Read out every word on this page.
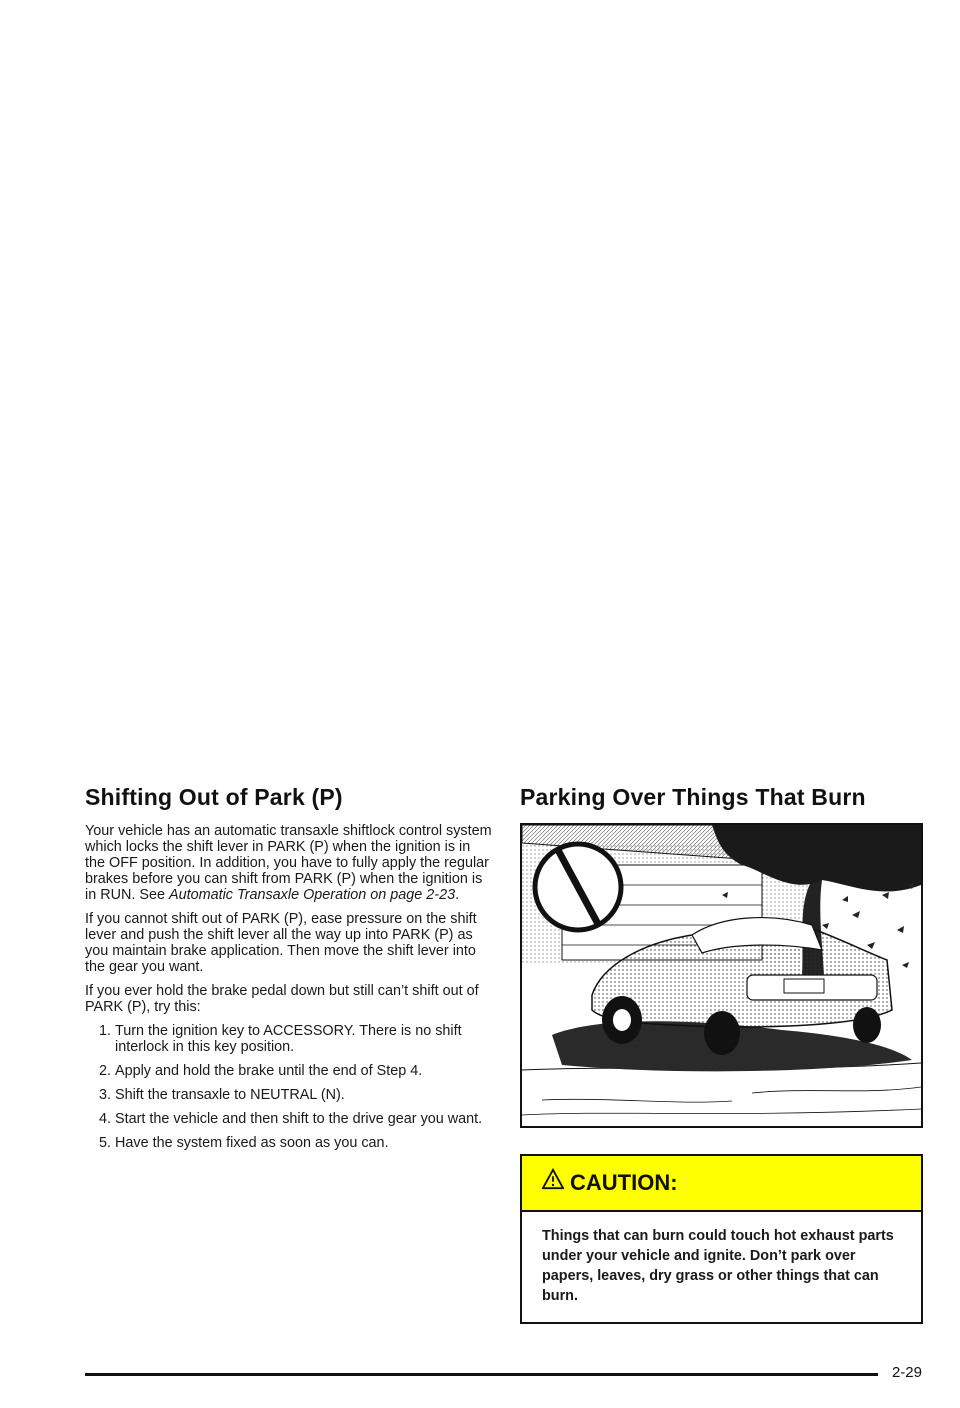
Shifting Out of Park (P)

Your vehicle has an automatic transaxle shiftlock control system which locks the shift lever in PARK (P) when the ignition is in the OFF position. In addition, you have to fully apply the regular brakes before you can shift from PARK (P) when the ignition is in RUN. See Automatic Transaxle Operation on page 2-23.

If you cannot shift out of PARK (P), ease pressure on the shift lever and push the shift lever all the way up into PARK (P) as you maintain brake application. Then move the shift lever into the gear you want.

If you ever hold the brake pedal down but still can’t shift out of PARK (P), try this:

1. Turn the ignition key to ACCESSORY. There is no shift interlock in this key position.
2. Apply and hold the brake until the end of Step 4.
3. Shift the transaxle to NEUTRAL (N).
4. Start the vehicle and then shift to the drive gear you want.
5. Have the system fixed as soon as you can.
Parking Over Things That Burn
CAUTION:
Things that can burn could touch hot exhaust parts under your vehicle and ignite. Don’t park over papers, leaves, dry grass or other things that can burn.
2-29
